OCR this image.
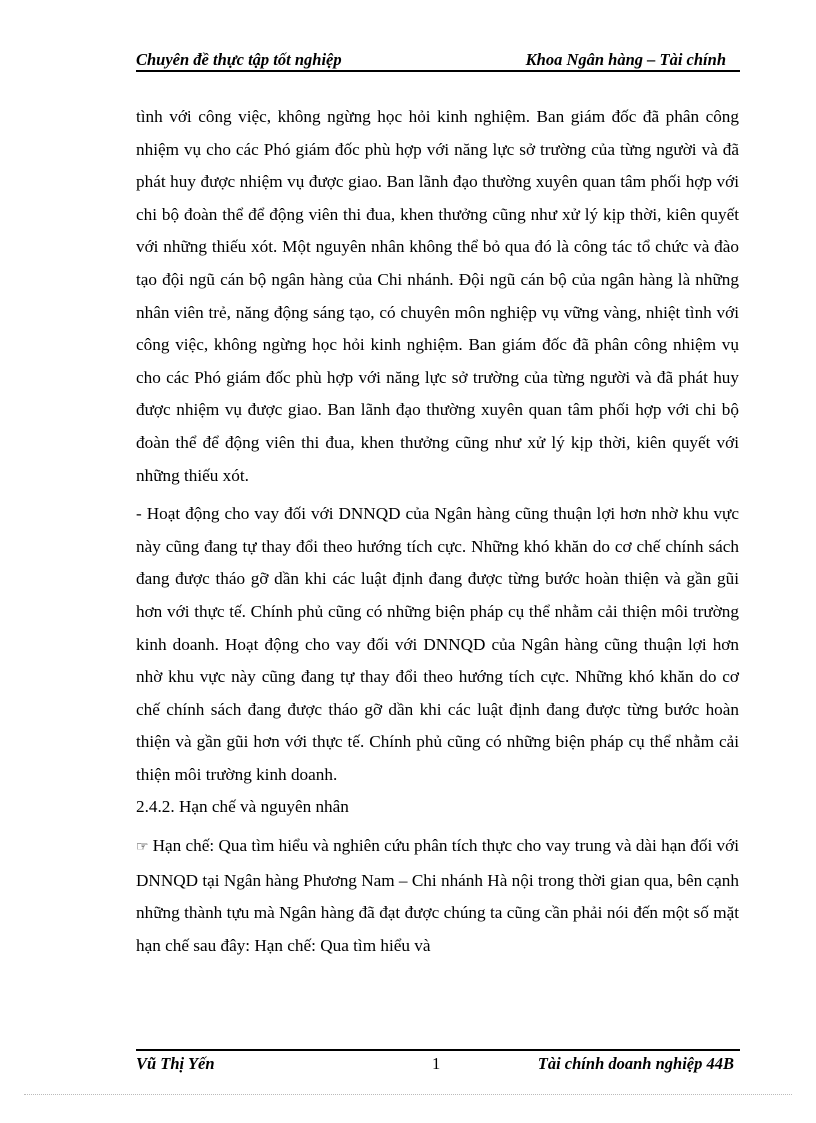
Chuyên đề thực tập tốt nghiệp	Khoa Ngân hàng – Tài chính

tình với công việc, không ngừng học hỏi kinh nghiệm. Ban giám đốc đã phân công nhiệm vụ cho các Phó giám đốc phù hợp với năng lực sở trường của từng người và đã phát huy được nhiệm vụ được giao. Ban lãnh đạo thường xuyên quan tâm phối hợp với chi bộ đoàn thể để động viên thi đua, khen thưởng cũng như xử lý kịp thời, kiên quyết với những thiếu xót. Một nguyên nhân không thể bỏ qua đó là công tác tổ chức và đào tạo đội ngũ cán bộ ngân hàng của Chi nhánh. Đội ngũ cán bộ của ngân hàng là những nhân viên trẻ, năng động sáng tạo, có chuyên môn nghiệp vụ vững vàng, nhiệt tình với công việc, không ngừng học hỏi kinh nghiệm. Ban giám đốc đã phân công nhiệm vụ cho các Phó giám đốc phù hợp với năng lực sở trường của từng người và đã phát huy được nhiệm vụ được giao. Ban lãnh đạo thường xuyên quan tâm phối hợp với chi bộ đoàn thể để động viên thi đua, khen thưởng cũng như xử lý kịp thời, kiên quyết với những thiếu xót.

- Hoạt động cho vay đối với DNNQD của Ngân hàng cũng thuận lợi hơn nhờ khu vực này cũng đang tự thay đổi theo hướng tích cực. Những khó khăn do cơ chế chính sách đang được tháo gỡ dần khi các luật định đang được từng bước hoàn thiện và gần gũi hơn với thực tế. Chính phủ cũng có những biện pháp cụ thể nhằm cải thiện môi trường kinh doanh. Hoạt động cho vay đối với DNNQD của Ngân hàng cũng thuận lợi hơn nhờ khu vực này cũng đang tự thay đổi theo hướng tích cực. Những khó khăn do cơ chế chính sách đang được tháo gỡ dần khi các luật định đang được từng bước hoàn thiện và gần gũi hơn với thực tế. Chính phủ cũng có những biện pháp cụ thể nhằm cải thiện môi trường kinh doanh.

2.4.2. Hạn chế và nguyên nhân

☞ Hạn chế: Qua tìm hiểu và nghiên cứu phân tích thực cho vay trung và dài hạn đối với DNNQD tại Ngân hàng Phương Nam – Chi nhánh Hà nội trong thời gian qua, bên cạnh những thành tựu mà Ngân hàng đã đạt được chúng ta cũng cần phải nói đến một số mặt hạn chế sau đây: Hạn chế: Qua tìm hiểu và

Vũ Thị Yến	1	Tài chính doanh nghiệp 44B
